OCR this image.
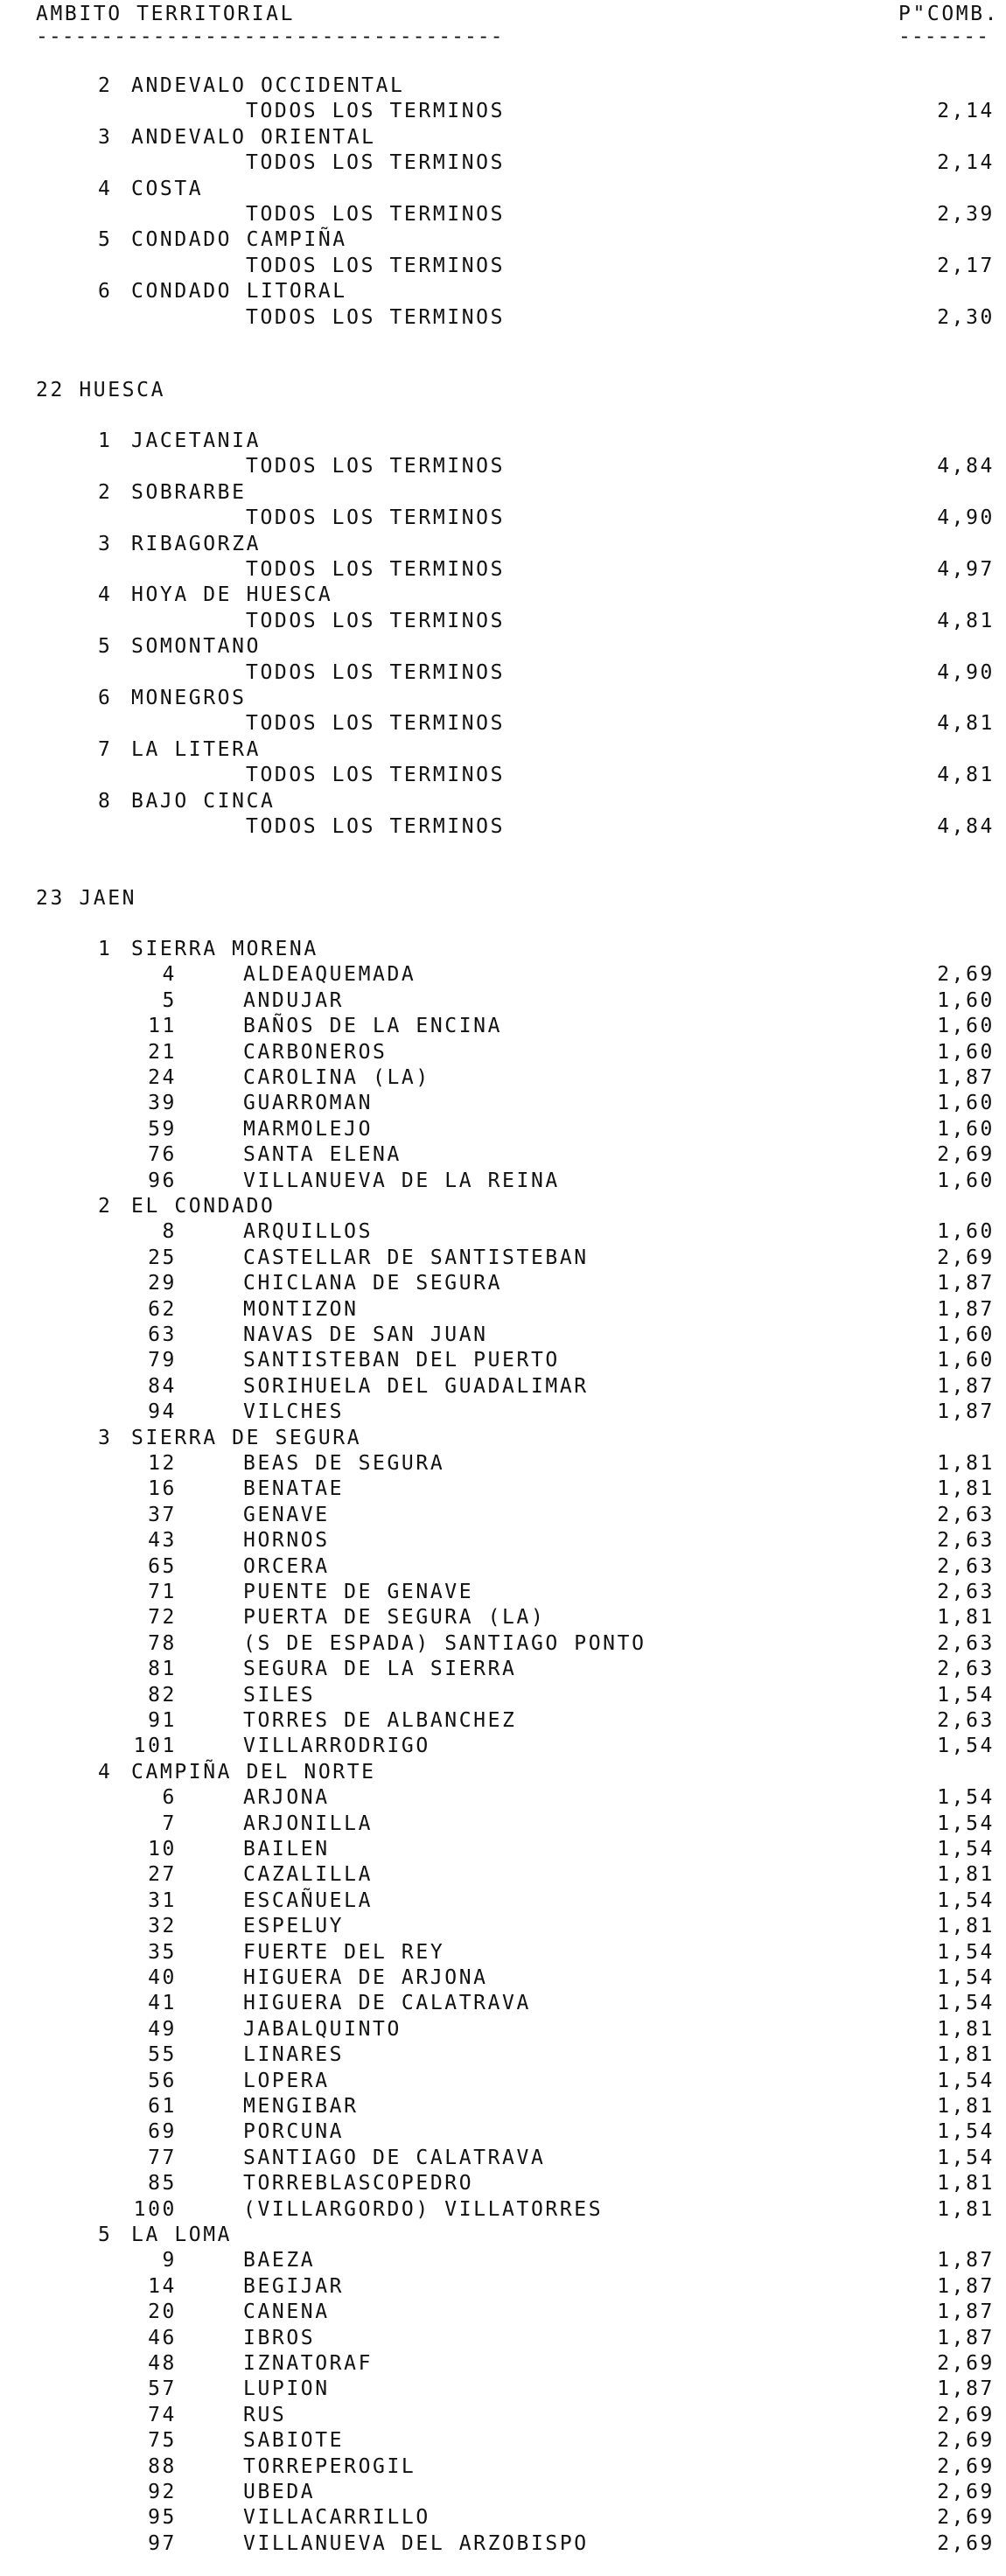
AMBITO TERRITORIAL	P"COMB.
------------------------------------	-------
2 ANDEVALO OCCIDENTAL
TODOS LOS TERMINOS	2,14
3 ANDEVALO ORIENTAL
TODOS LOS TERMINOS	2,14
4 COSTA
TODOS LOS TERMINOS	2,39
5 CONDADO CAMPIÑA
TODOS LOS TERMINOS	2,17
6 CONDADO LITORAL
TODOS LOS TERMINOS	2,30
22 HUESCA
1 JACETANIA
TODOS LOS TERMINOS	4,84
2 SOBRARBE
TODOS LOS TERMINOS	4,90
3 RIBAGORZA
TODOS LOS TERMINOS	4,97
4 HOYA DE HUESCA
TODOS LOS TERMINOS	4,81
5 SOMONTANO
TODOS LOS TERMINOS	4,90
6 MONEGROS
TODOS LOS TERMINOS	4,81
7 LA LITERA
TODOS LOS TERMINOS	4,81
8 BAJO CINCA
TODOS LOS TERMINOS	4,84
23 JAEN
1 SIERRA MORENA
4	ALDEAQUEMADA	2,69
5	ANDUJAR	1,60
11	BAÑOS DE LA ENCINA	1,60
21	CARBONEROS	1,60
24	CAROLINA (LA)	1,87
39	GUARROMAN	1,60
59	MARMOLEJO	1,60
76	SANTA ELENA	2,69
96	VILLANUEVA DE LA REINA	1,60
2 EL CONDADO
8	ARQUILLOS	1,60
25	CASTELLAR DE SANTISTEBAN	2,69
29	CHICLANA DE SEGURA	1,87
62	MONTIZON	1,87
63	NAVAS DE SAN JUAN	1,60
79	SANTISTEBAN DEL PUERTO	1,60
84	SORIHUELA DEL GUADALIMAR	1,87
94	VILCHES	1,87
3 SIERRA DE SEGURA
12	BEAS DE SEGURA	1,81
16	BENATAE	1,81
37	GENAVE	2,63
43	HORNOS	2,63
65	ORCERA	2,63
71	PUENTE DE GENAVE	2,63
72	PUERTA DE SEGURA (LA)	1,81
78	(S DE ESPADA) SANTIAGO PONTO	2,63
81	SEGURA DE LA SIERRA	2,63
82	SILES	1,54
91	TORRES DE ALBANCHEZ	2,63
101	VILLARRODRIGO	1,54
4 CAMPIÑA DEL NORTE
6	ARJONA	1,54
7	ARJONILLA	1,54
10	BAILEN	1,54
27	CAZALILLA	1,81
31	ESCAÑUELA	1,54
32	ESPELUY	1,81
35	FUERTE DEL REY	1,54
40	HIGUERA DE ARJONA	1,54
41	HIGUERA DE CALATRAVA	1,54
49	JABALQUINTO	1,81
55	LINARES	1,81
56	LOPERA	1,54
61	MENGIBAR	1,81
69	PORCUNA	1,54
77	SANTIAGO DE CALATRAVA	1,54
85	TORREBLASCOPEDRO	1,81
100	(VILLARGORDO) VILLATORRES	1,81
5 LA LOMA
9	BAEZA	1,87
14	BEGIJAR	1,87
20	CANENA	1,87
46	IBROS	1,87
48	IZNATORAF	2,69
57	LUPION	1,87
74	RUS	2,69
75	SABIOTE	2,69
88	TORREPEROGIL	2,69
92	UBEDA	2,69
95	VILLACARRILLO	2,69
97	VILLANUEVA DEL ARZOBISPO	2,69
